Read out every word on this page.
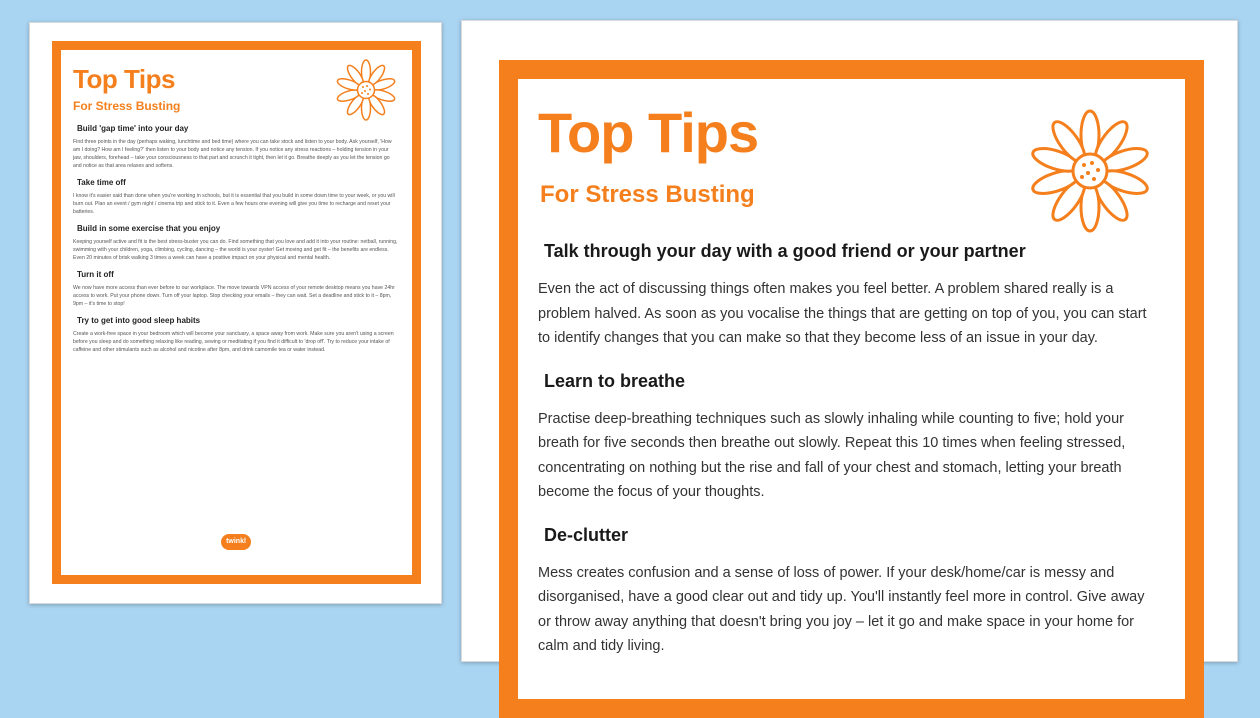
Top Tips
For Stress Busting

Build 'gap time' into your day

Find three points in the day (perhaps waking, lunchtime and bed time) where you can take stock and listen to your body. Ask yourself, 'How am I doing? How am I feeling?' then listen to your body and notice any tension. If you notice any stress reactions – holding tension in your jaw, shoulders, forehead – take your consciousness to that part and scrunch it tight, then let it go. Breathe deeply as you let the tension go and notice as that area relaxes and softens.

Take time off

I know it's easier said than done when you're working in schools, but it is essential that you build in some down time to your week, or you will burn out. Plan an event / gym night / cinema trip and stick to it. Even a few hours one evening will give you time to recharge and reset your batteries.

Build in some exercise that you enjoy

Keeping yourself active and fit is the best stress-buster you can do. Find something that you love and add it into your routine: netball, running, swimming with your children, yoga, climbing, cycling, dancing – the world is your oyster! Get moving and get fit – the benefits are endless. Even 20 minutes of brisk walking 3 times a week can have a positive impact on your physical and mental health.

Turn it off

We now have more access than ever before to our workplace. The move towards VPN access of your remote desktop means you have 24hr access to work. Put your phone down. Turn off your laptop. Stop checking your emails – they can wait. Set a deadline and stick to it – 8pm, 9pm – it's time to stop!

Try to get into good sleep habits

Create a work-free space in your bedroom which will become your sanctuary, a space away from work. Make sure you aren't using a screen before you sleep and do something relaxing like reading, sewing or meditating if you find it difficult to 'drop off'. Try to reduce your intake of caffeine and other stimulants such as alcohol and nicotine after 8pm, and drink camomile tea or water instead.

twinkl
Top Tips
For Stress Busting

Talk through your day with a good friend or your partner

Even the act of discussing things often makes you feel better. A problem shared really is a problem halved. As soon as you vocalise the things that are getting on top of you, you can start to identify changes that you can make so that they become less of an issue in your day.

Learn to breathe

Practise deep-breathing techniques such as slowly inhaling while counting to five; hold your breath for five seconds then breathe out slowly. Repeat this 10 times when feeling stressed, concentrating on nothing but the rise and fall of your chest and stomach, letting your breath become the focus of your thoughts.

De-clutter

Mess creates confusion and a sense of loss of power. If your desk/home/car is messy and disorganised, have a good clear out and tidy up. You'll instantly feel more in control. Give away or throw away anything that doesn't bring you joy – let it go and make space in your home for calm and tidy living.
